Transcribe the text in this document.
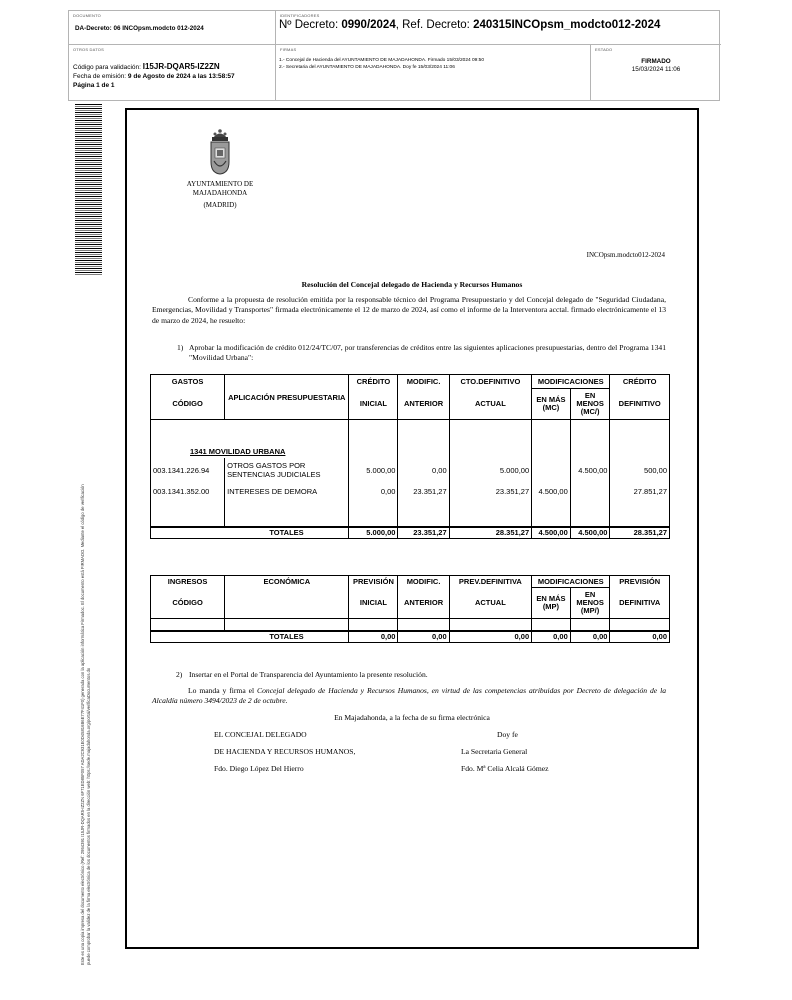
DOCUMENTO
DA-Decreto: 06 INCOpsm.modcto 012-2024
IDENTIFICADORES
Nº Decreto: 0990/2024, Ref. Decreto: 240315INCOpsm_modcto012-2024
OTROS DATOS
Código para validación: I15JR-DQAR5-IZ2ZN
Fecha de emisión: 9 de Agosto de 2024 a las 13:58:57
Página 1 de 1
FIRMAS
1.- Concejal de Hacienda del AYUNTAMIENTO DE MAJADAHONDA. Firmado 15/03/2024 09:50
2.- Secretaria del AYUNTAMIENTO DE MAJADAHONDA. Doy fe 15/03/2024 11:06
ESTADO
FIRMADO
15/03/2024 11:06
Este es una copia impresa del documento electrónico (Ref: 2954391 I15JR-DQAR5-IZ2ZN 6F71ED85F057 ADA2C931E0D45816B6E77F41F0) generada con la aplicación informática Firmadoc. El documento está FIRMADO. Mediante el código de verificación puede comprobar la validez de la firma electrónica de los documentos firmados en la dirección web: https://sede.majadahonda.org/portal/verificaDocumentos.do
AYUNTAMIENTO DE
MAJADAHONDA
(MADRID)
INCOpsm.modcto012-2024
Resolución del Concejal delegado de Hacienda y Recursos Humanos
Conforme a la propuesta de resolución emitida por la responsable técnico del Programa Presupuestario y del Concejal delegado de "Seguridad Ciudadana, Emergencias, Movilidad y Transportes" firmada electrónicamente el 12 de marzo de 2024, así como el informe de la Interventora acctal. firmado electrónicamente el 13 de marzo de 2024, he resuelto:
1) Aprobar la modificación de crédito 012/24/TC/07, por transferencias de créditos entre las siguientes aplicaciones presupuestarias, dentro del Programa 1341 "Movilidad Urbana":
GASTOS	APLICACIÓN PRESUPUESTARIA	CRÉDITO	MODIFIC.	CTO.DEFINITIVO	MODIFICACIONES		CRÉDITO
CÓDIGO		INICIAL	ANTERIOR	ACTUAL	EN MÁS (MC)	EN MENOS (MC/)	DEFINITIVO
1341 MOVILIDAD URBANA							
003.1341.226.94	OTROS GASTOS POR SENTENCIAS JUDICIALES	5.000,00	0,00	5.000,00		4.500,00	500,00
003.1341.352.00	INTERESES DE DEMORA	0,00	23.351,27	23.351,27	4.500,00		27.851,27

	TOTALES	5.000,00	23.351,27	28.351,27	4.500,00	4.500,00	28.351,27
INGRESOS	ECONÓMICA	PREVISIÓN	MODIFIC.	PREV.DEFINITIVA	MODIFICACIONES		PREVISIÓN
CÓDIGO		INICIAL	ANTERIOR	ACTUAL	EN MÁS (MP)	EN MENOS (MP/)	DEFINITIVA

	TOTALES	0,00	0,00	0,00	0,00	0,00	0,00
2) Insertar en el Portal de Transparencia del Ayuntamiento la presente resolución.
Lo manda y firma el Concejal delegado de Hacienda y Recursos Humanos, en virtud de las competencias atribuidas por Decreto de delegación de la Alcaldía número 3494/2023 de 2 de octubre.
En Majadahonda, a la fecha de su firma electrónica
EL CONCEJAL DELEGADO
DE HACIENDA Y RECURSOS HUMANOS,
Fdo. Diego López Del Hierro
Doy fe
La Secretaria General
Fdo. Mª Celia Alcalá Gómez
